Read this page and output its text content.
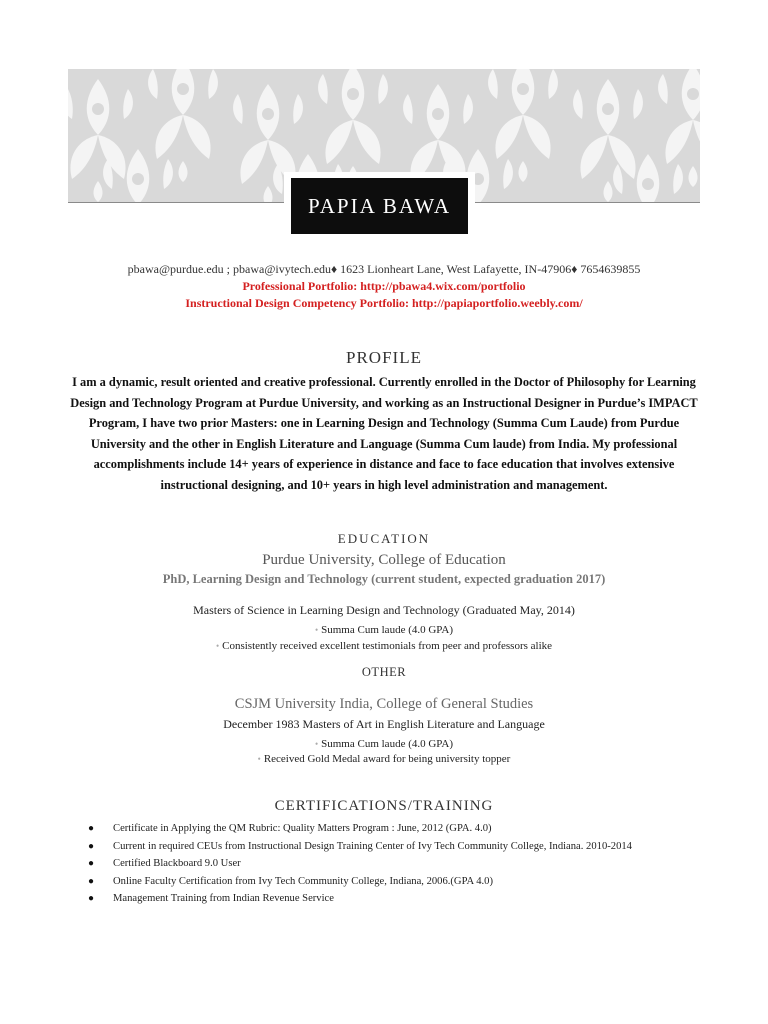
PAPIA BAWA
pbawa@purdue.edu ; pbawa@ivytech.edu♦ 1623 Lionheart Lane, West Lafayette, IN-47906♦ 7654639855
Professional Portfolio: http://pbawa4.wix.com/portfolio
Instructional Design Competency Portfolio: http://papiaportfolio.weebly.com/
PROFILE
I am a dynamic, result oriented and creative professional. Currently enrolled in the Doctor of Philosophy for Learning Design and Technology Program at Purdue University, and working as an Instructional Designer in Purdue’s IMPACT Program, I have two prior Masters: one in Learning Design and Technology (Summa Cum Laude) from Purdue University and the other in English Literature and Language (Summa Cum laude) from India. My professional accomplishments include 14+ years of experience in distance and face to face education that involves extensive instructional designing, and 10+ years in high level administration and management.
EDUCATION
Purdue University, College of Education
PhD, Learning Design and Technology (current student, expected graduation 2017)
Masters of Science in Learning Design and Technology (Graduated May, 2014)
• Summa Cum laude (4.0 GPA)
• Consistently received excellent testimonials from peer and professors alike
OTHER
CSJM University India, College of General Studies
December 1983 Masters of Art in English Literature and Language
• Summa Cum laude (4.0 GPA)
• Received Gold Medal award for being university topper
CERTIFICATIONS/TRAINING
● Certificate in Applying the QM Rubric: Quality Matters Program : June, 2012 (GPA. 4.0)
● Current in required CEUs from Instructional Design Training Center of Ivy Tech Community College, Indiana. 2010-2014
● Certified Blackboard 9.0 User
● Online Faculty Certification from Ivy Tech Community College, Indiana, 2006.(GPA 4.0)
● Management Training from Indian Revenue Service
